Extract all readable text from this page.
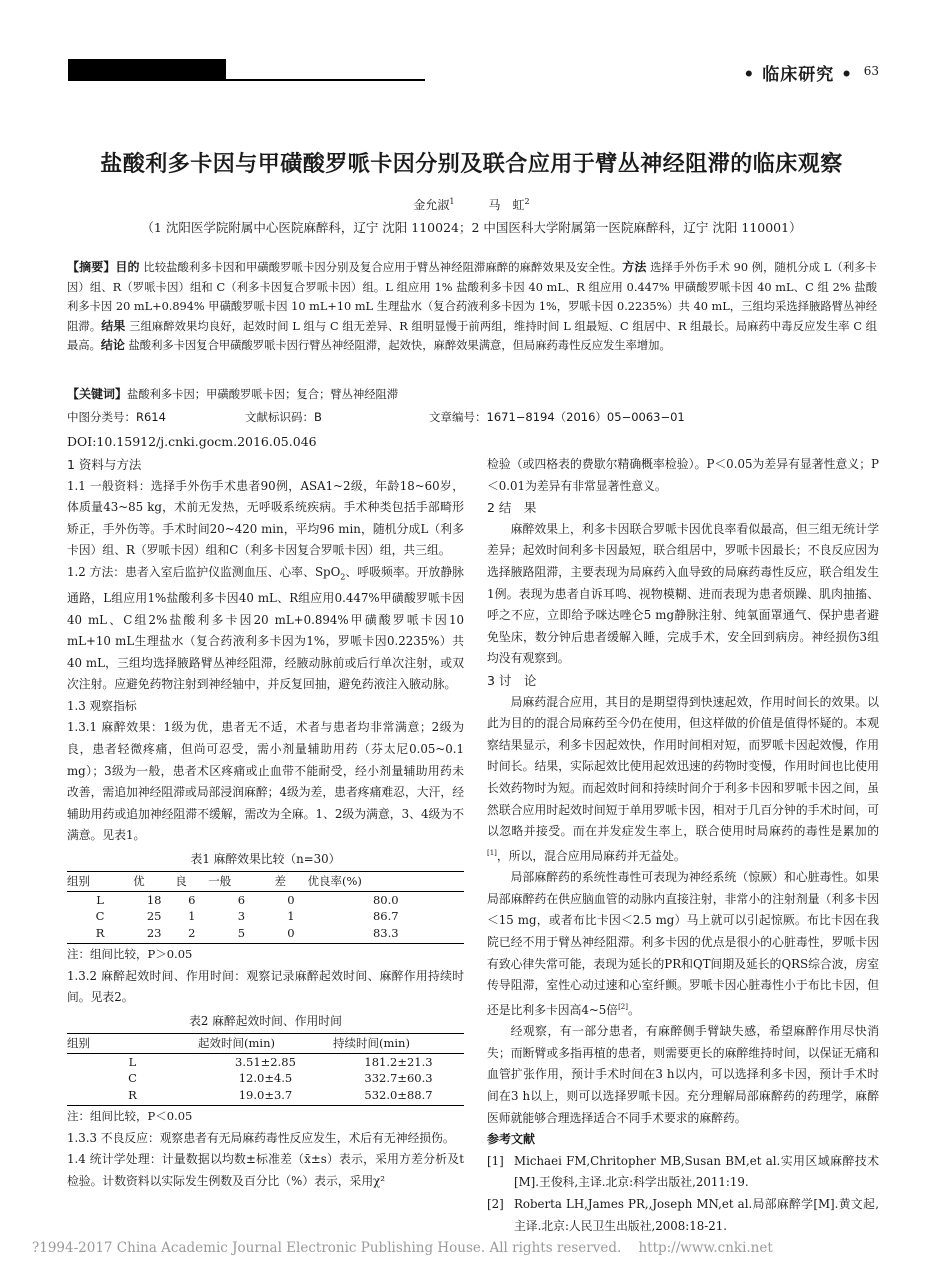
• 临床研究 • 63
盐酸利多卡因与甲磺酸罗哌卡因分别及联合应用于臂丛神经阻滞的临床观察
金允淑$^1$	马　虹$^2$
（1 沈阳医学院附属中心医院麻醉科，辽宁 沈阳 110024；2 中国医科大学附属第一医院麻醉科，辽宁 沈阳 110001）
【摘要】目的 比较盐酸利多卡因和甲磺酸罗哌卡因分别及复合应用于臂丛神经阻滞麻醉的麻醉效果及安全性。方法 选择手外伤手术 90 例，随机分成 L（利多卡因）组、R（罗哌卡因）组和 C（利多卡因复合罗哌卡因）组。L 组应用 1% 盐酸利多卡因 40 mL、R 组应用 0.447% 甲磺酸罗哌卡因 40 mL、C 组 2% 盐酸利多卡因 20 mL+0.894% 甲磺酸罗哌卡因 10 mL+10 mL 生理盐水（复合药液利多卡因为 1%，罗哌卡因 0.2235%）共 40 mL，三组均采选择腋路臂丛神经阻滞。结果 三组麻醉效果均良好，起效时间 L 组与 C 组无差异、R 组明显慢于前两组，维持时间 L 组最短、C 组居中、R 组最长。局麻药中毒反应发生率 C 组最高。结论 盐酸利多卡因复合甲磺酸罗哌卡因行臂丛神经阻滞，起效快，麻醉效果满意，但局麻药毒性反应发生率增加。
【关键词】盐酸利多卡因；甲磺酸罗哌卡因；复合；臂丛神经阻滞
中图分类号：R614	文献标识码：B	文章编号：1671−8194（2016）05−0063−01
DOI:10.15912/j.cnki.gocm.2016.05.046
1 资料与方法

1.1 一般资料：选择手外伤手术患者90例，ASA1~2级，年龄18~60岁，体质量43~85 kg，术前无发热，无呼吸系统疾病。手术种类包括手部畸形矫正，手外伤等。手术时间20~420 min，平均96 min，随机分成L（利多卡因）组、R（罗哌卡因）组和C（利多卡因复合罗哌卡因）组，共三组。

1.2 方法：患者入室后监护仪监测血压、心率、SpO$_2$、呼吸频率。开放静脉通路，L组应用1%盐酸利多卡因40 mL、R组应用0.447%甲磺酸罗哌卡因40 mL、C组2%盐酸利多卡因20 mL+0.894%甲磺酸罗哌卡因10 mL+10 mL生理盐水（复合药液利多卡因为1%，罗哌卡因0.2235%）共40 mL，三组均选择腋路臂丛神经阻滞，经腋动脉前或后行单次注射，或双次注射。应避免药物注射到神经轴中，并反复回抽，避免药液注入腋动脉。

1.3 观察指标

1.3.1 麻醉效果：1级为优，患者无不适，术者与患者均非常满意；2级为良，患者轻微疼痛，但尚可忍受，需小剂量辅助用药（芬太尼0.05~0.1 mg）；3级为一般，患者术区疼痛或止血带不能耐受，经小剂量辅助用药未改善，需追加神经阻滞或局部浸润麻醉；4级为差，患者疼痛难忍，大汗，经辅助用药或追加神经阻滞不缓解，需改为全麻。1、2级为满意，3、4级为不满意。见表1。

表1 麻醉效果比较（n=30）
组别	优	良	一般	差	优良率(%)
L	18	6	6	0	80.0
C	25	1	3	1	86.7
R	23	2	5	0	83.3
注：组间比较，P＞0.05

1.3.2 麻醉起效时间、作用时间：观察记录麻醉起效时间、麻醉作用持续时间。见表2。

表2 麻醉起效时间、作用时间
组别	起效时间(min)	持续时间(min)
L	3.51±2.85	181.2±21.3
C	12.0±4.5	332.7±60.3
R	19.0±3.7	532.0±88.7
注：组间比较，P＜0.05

1.3.3 不良反应：观察患者有无局麻药毒性反应发生，术后有无神经损伤。

1.4 统计学处理：计量数据以均数±标准差（x̄±s）表示，采用方差分析及t检验。计数资料以实际发生例数及百分比（%）表示，采用χ²

检验（或四格表的费歇尔精确概率检验）。P＜0.05为差异有显著性意义；P＜0.01为差异有非常显著性意义。

2 结　果

麻醉效果上，利多卡因联合罗哌卡因优良率看似最高，但三组无统计学差异；起效时间利多卡因最短，联合组居中，罗哌卡因最长；不良反应因为选择腋路阻滞，主要表现为局麻药入血导致的局麻药毒性反应，联合组发生1例。表现为患者自诉耳鸣、视物模糊、进而表现为患者烦躁、肌肉抽搐、呼之不应，立即给予咪达唑仑5 mg静脉注射、纯氧面罩通气、保护患者避免坠床，数分钟后患者缓解入睡，完成手术，安全回到病房。神经损伤3组均没有观察到。

3 讨　论

局麻药混合应用，其目的是期望得到快速起效，作用时间长的效果。以此为目的的混合局麻药至今仍在使用，但这样做的价值是值得怀疑的。本观察结果显示，利多卡因起效快，作用时间相对短，而罗哌卡因起效慢，作用时间长。结果，实际起效比使用起效迅速的药物时变慢，作用时间也比使用长效药物时为短。而起效时间和持续时间介于利多卡因和罗哌卡因之间，虽然联合应用时起效时间短于单用罗哌卡因，相对于几百分钟的手术时间，可以忽略并接受。而在并发症发生率上，联合使用时局麻药的毒性是累加的[1]，所以，混合应用局麻药并无益处。

局部麻醉药的系统性毒性可表现为神经系统（惊厥）和心脏毒性。如果局部麻醉药在供应脑血管的动脉内直接注射，非常小的注射剂量（利多卡因＜15 mg，或者布比卡因＜2.5 mg）马上就可以引起惊厥。布比卡因在我院已经不用于臂丛神经阻滞。利多卡因的优点是很小的心脏毒性，罗哌卡因有致心律失常可能，表现为延长的PR和QT间期及延长的QRS综合波，房室传导阻滞，室性心动过速和心室纤颤。罗哌卡因心脏毒性小于布比卡因，但还是比利多卡因高4~5倍[2]。

经观察，有一部分患者，有麻醉侧手臂缺失感，希望麻醉作用尽快消失；而断臂或多指再植的患者，则需要更长的麻醉维持时间，以保证无痛和血管扩张作用，预计手术时间在3 h以内，可以选择利多卡因，预计手术时间在3 h以上，则可以选择罗哌卡因。充分理解局部麻醉药的药理学，麻醉医师就能够合理选择适合不同手术要求的麻醉药。

参考文献
[1] Michaei FM,Chritopher MB,Susan BM,et al.实用区域麻醉技术[M].王俊科,主译.北京:科学出版社,2011:19.
[2] Roberta LH,James PR,,Joseph MN,et al.局部麻醉学[M].黄文起,主译.北京:人民卫生出版社,2008:18-21.
?1994-2017 China Academic Journal Electronic Publishing House. All rights reserved.    http://www.cnki.net
